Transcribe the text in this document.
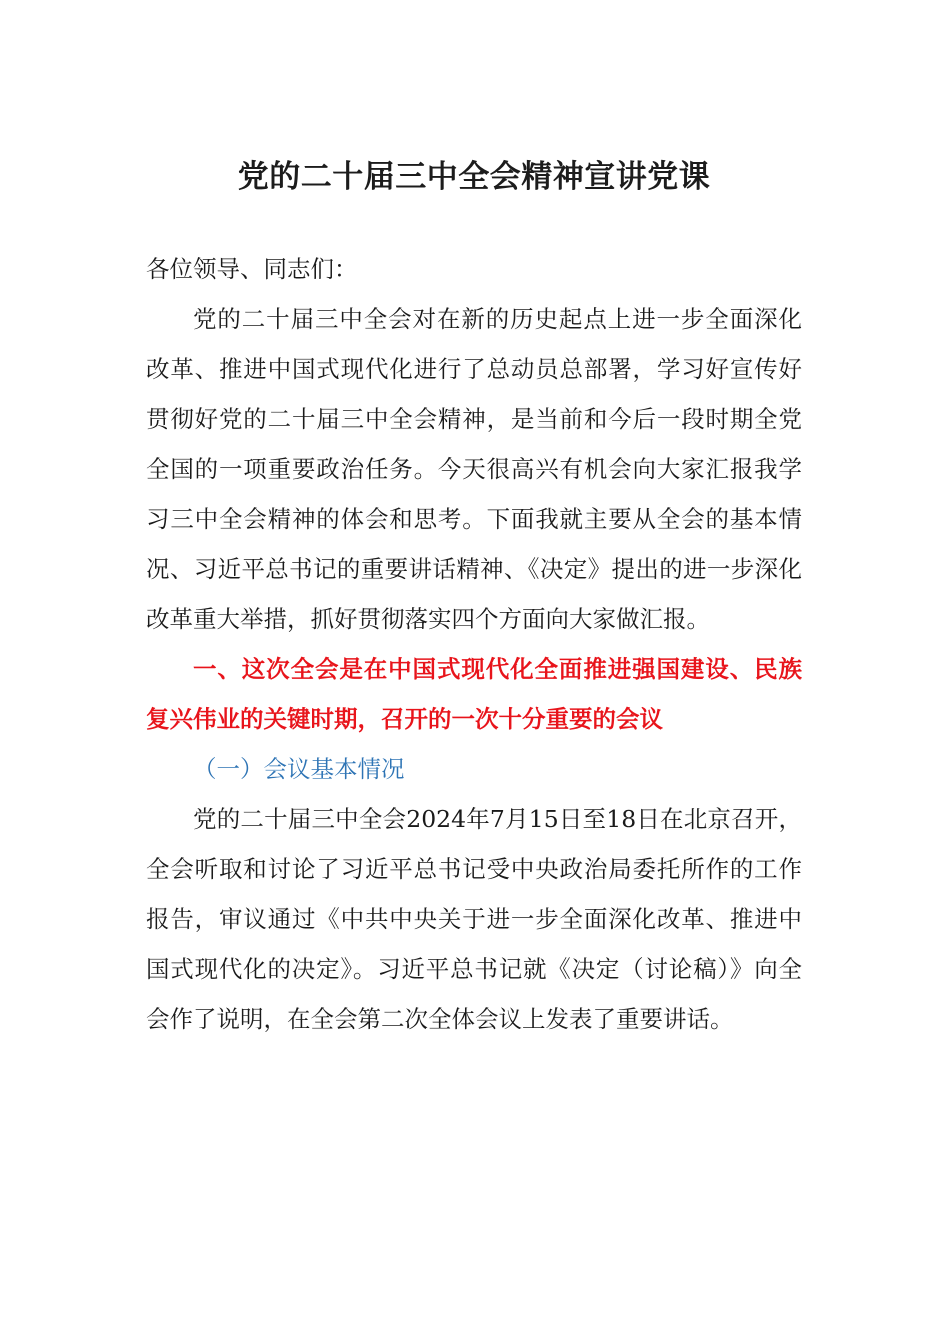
党的二十届三中全会精神宣讲党课

各位领导、同志们：

党的二十届三中全会对在新的历史起点上进一步全面深化改革、推进中国式现代化进行了总动员总部署，学习好宣传好贯彻好党的二十届三中全会精神，是当前和今后一段时期全党全国的一项重要政治任务。今天很高兴有机会向大家汇报我学习三中全会精神的体会和思考。下面我就主要从全会的基本情况、习近平总书记的重要讲话精神、《决定》提出的进一步深化改革重大举措，抓好贯彻落实四个方面向大家做汇报。

一、这次全会是在中国式现代化全面推进强国建设、民族复兴伟业的关键时期，召开的一次十分重要的会议

（一）会议基本情况

党的二十届三中全会2024年7月15日至18日在北京召开，全会听取和讨论了习近平总书记受中央政治局委托所作的工作报告，审议通过《中共中央关于进一步全面深化改革、推进中国式现代化的决定》。习近平总书记就《决定（讨论稿）》向全会作了说明，在全会第二次全体会议上发表了重要讲话。
